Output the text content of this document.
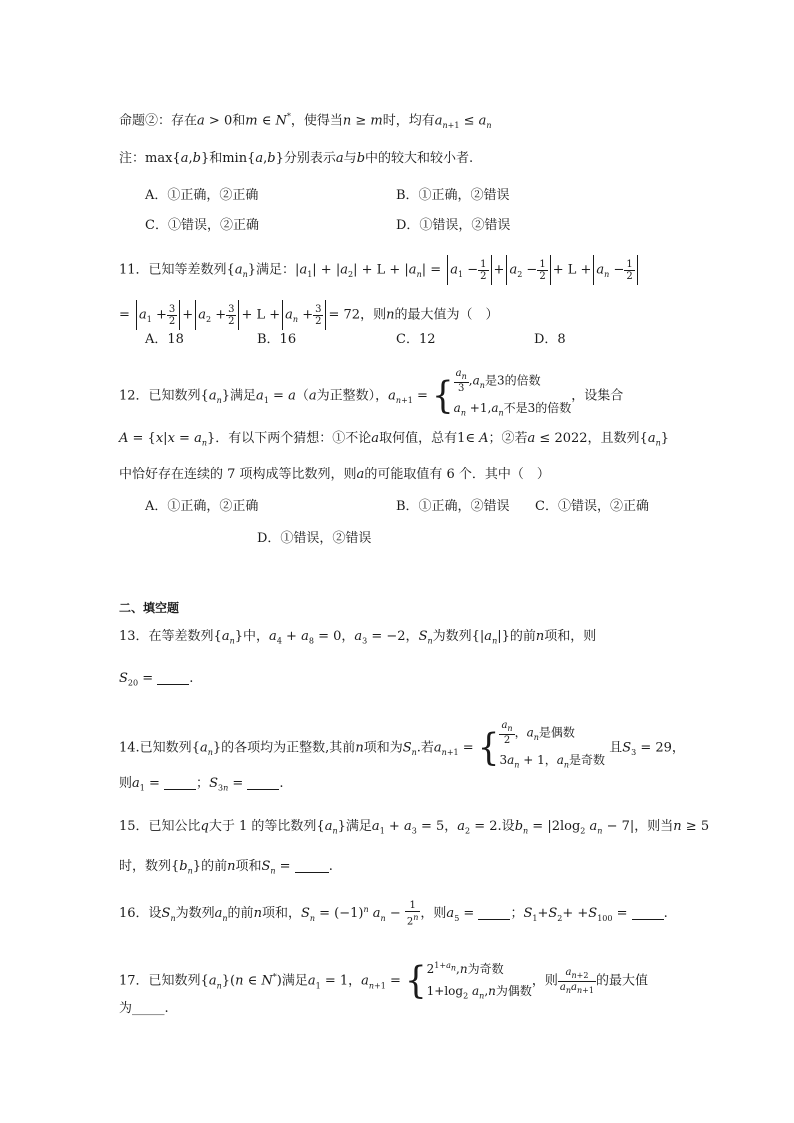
命题②：存在a > 0和m ∈ N*，使得当n ≥ m时，均有$a_{n+1} \le a_n$
注：max{a,b}和min{a,b}分别表示a与b中的较大和较小者.
A．①正确，②正确	B．①正确，②错误
C．①错误，②正确	D．①错误，②错误
11．已知等差数列$\{a_n\}$满足：$|a_1| + |a_2| + L + |a_n| = a_1 - \frac{1}{2} + a_2 - \frac{1}{2} + L + a_n - \frac{1}{2}$
= $a_1 + \frac{3}{2} + a_2 + \frac{3}{2} + L + a_n + \frac{3}{2} = 72$，则n的最大值为（　）
A．18	B．16	C．12	D．8
12．已知数列$\{a_n\}$满足$a_1 = a(a$为正整数），$a_{n+1}$ = { $\frac{a_n}{3} ,a_n$是3的倍数
$a_n +1,a_n$不是3的倍数
，设集合
$A = \{x|x = a_n\}$．有以下两个猜想：①不论a取何值，总有1∈ A；②若a ≤ 2022，且数列$\{a_n\}$
中恰好存在连续的 7 项构成等比数列，则a的可能取值有 6 个．其中（　）
A．①正确，②正确	B．①正确，②错误 C．①错误，②正确
D．①错误，②错误
二、填空题
13．在等差数列$\{a_n\}$中，$a_4 + a_8 = 0$，$a_3 = -2$，$S_n$为数列$\{|a_n|\}$的前n项和，则
$S_{20}$ = .
14.已知数列$\{a_n\}$的各项均为正整数,其前n项和为$S_n$.若$a_{n+1}$ = { $\frac{a_n}{2}$ ，$a_n$是偶数
$3a_n + 1$，$a_n$是奇数
且$S_3 = 29$，
则$a_1$ = ；$S_{3n}$ = .
15．已知公比q大于 1 的等比数列$\{a_n\}$满足$a_1 + a_3 = 5$，$a_2 = 2$.设$b_n = |2\log_2$ $a_n - 7|$，则当n ≥ 5
时，数列$\{b_n\}$的前n项和$S_n$ =	.
16．设$S_n$为数列$a_n$的前n项和，$S_n = (-1)^n$ $a_n - \frac{1}{2^n}$ ，则$a_5$ = ；$S_1+S_2+ +S_{100}$ = .
17．已知数列$\{a_n\}(n$ ∈ N*)满足$a_1 = 1$，$a_{n+1}$ = { $2^{1+a_n},n$为奇数
$1+\log_2$ $a_n,n$为偶数
，则 $\frac{a_{n+2}}{a_na_{n+1}}$ 的最大值
为_____.
